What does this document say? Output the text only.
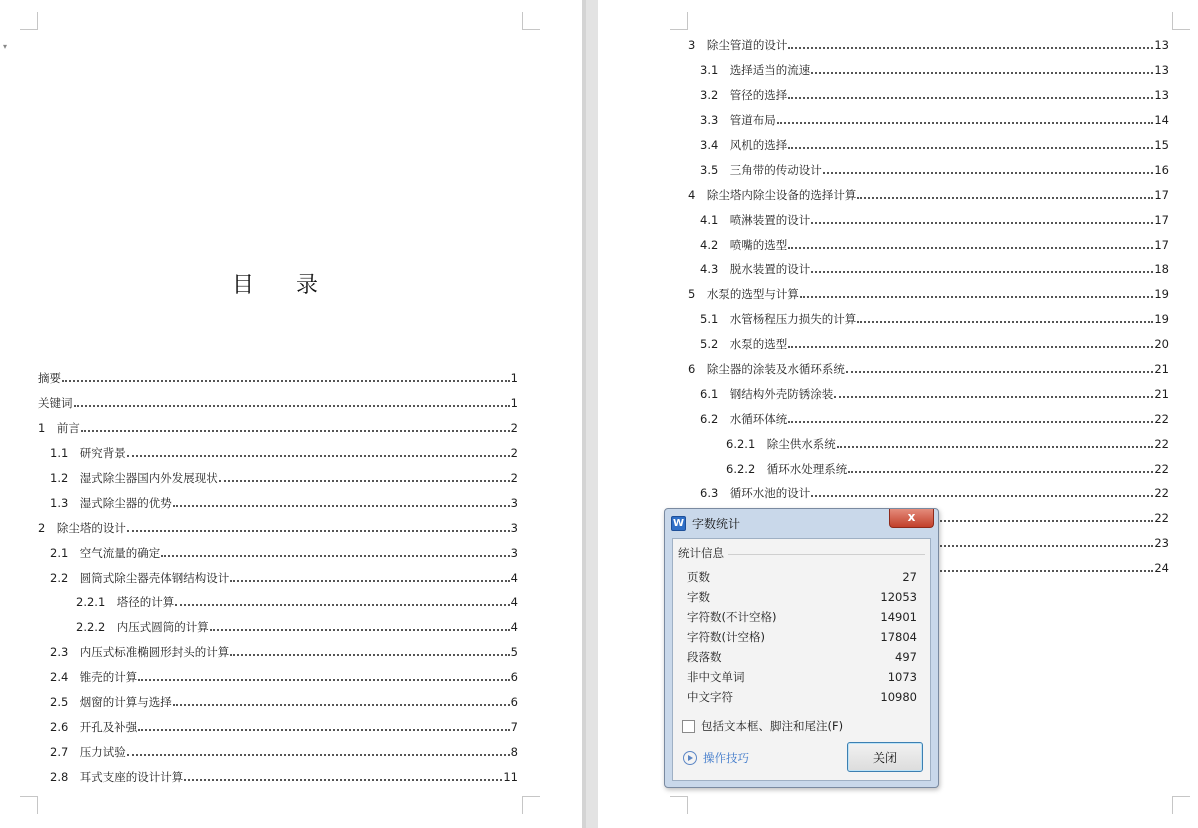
▾
目 录
摘要	1
关键词	1
1　前言	2
1.1　研究背景	2
1.2　湿式除尘器国内外发展现状	2
1.3　湿式除尘器的优势	3
2　除尘塔的设计	3
2.1　空气流量的确定	3
2.2　圆筒式除尘器壳体钢结构设计	4
2.2.1　塔径的计算	4
2.2.2　内压式圆筒的计算	4
2.3　内压式标准椭圆形封头的计算	5
2.4　锥壳的计算	6
2.5　烟窗的计算与选择	6
2.6　开孔及补强	7
2.7　压力试验	8
2.8　耳式支座的设计计算	11
3　除尘管道的设计	13
3.1　选择适当的流速	13
3.2　管径的选择	13
3.3　管道布局	14
3.4　风机的选择	15
3.5　三角带的传动设计	16
4　除尘塔内除尘设备的选择计算	17
4.1　喷淋装置的设计	17
4.2　喷嘴的选型	17
4.3　脱水装置的设计	18
5　水泵的选型与计算	19
5.1　水管杨程压力损失的计算	19
5.2　水泵的选型	20
6　除尘器的涂装及水循环系统	21
6.1　钢结构外壳防锈涂装	21
6.2　水循环体统	22
6.2.1　除尘供水系统	22
6.2.2　循环水处理系统	22
6.3　循环水池的设计	22
22
23
24
W 字数统计	x
统计信息
页数	27
字数	12053
字符数(不计空格)	14901
字符数(计空格)	17804
段落数	497
非中文单词	1073
中文字符	10980
包括文本框、脚注和尾注(F)
操作技巧	关闭
